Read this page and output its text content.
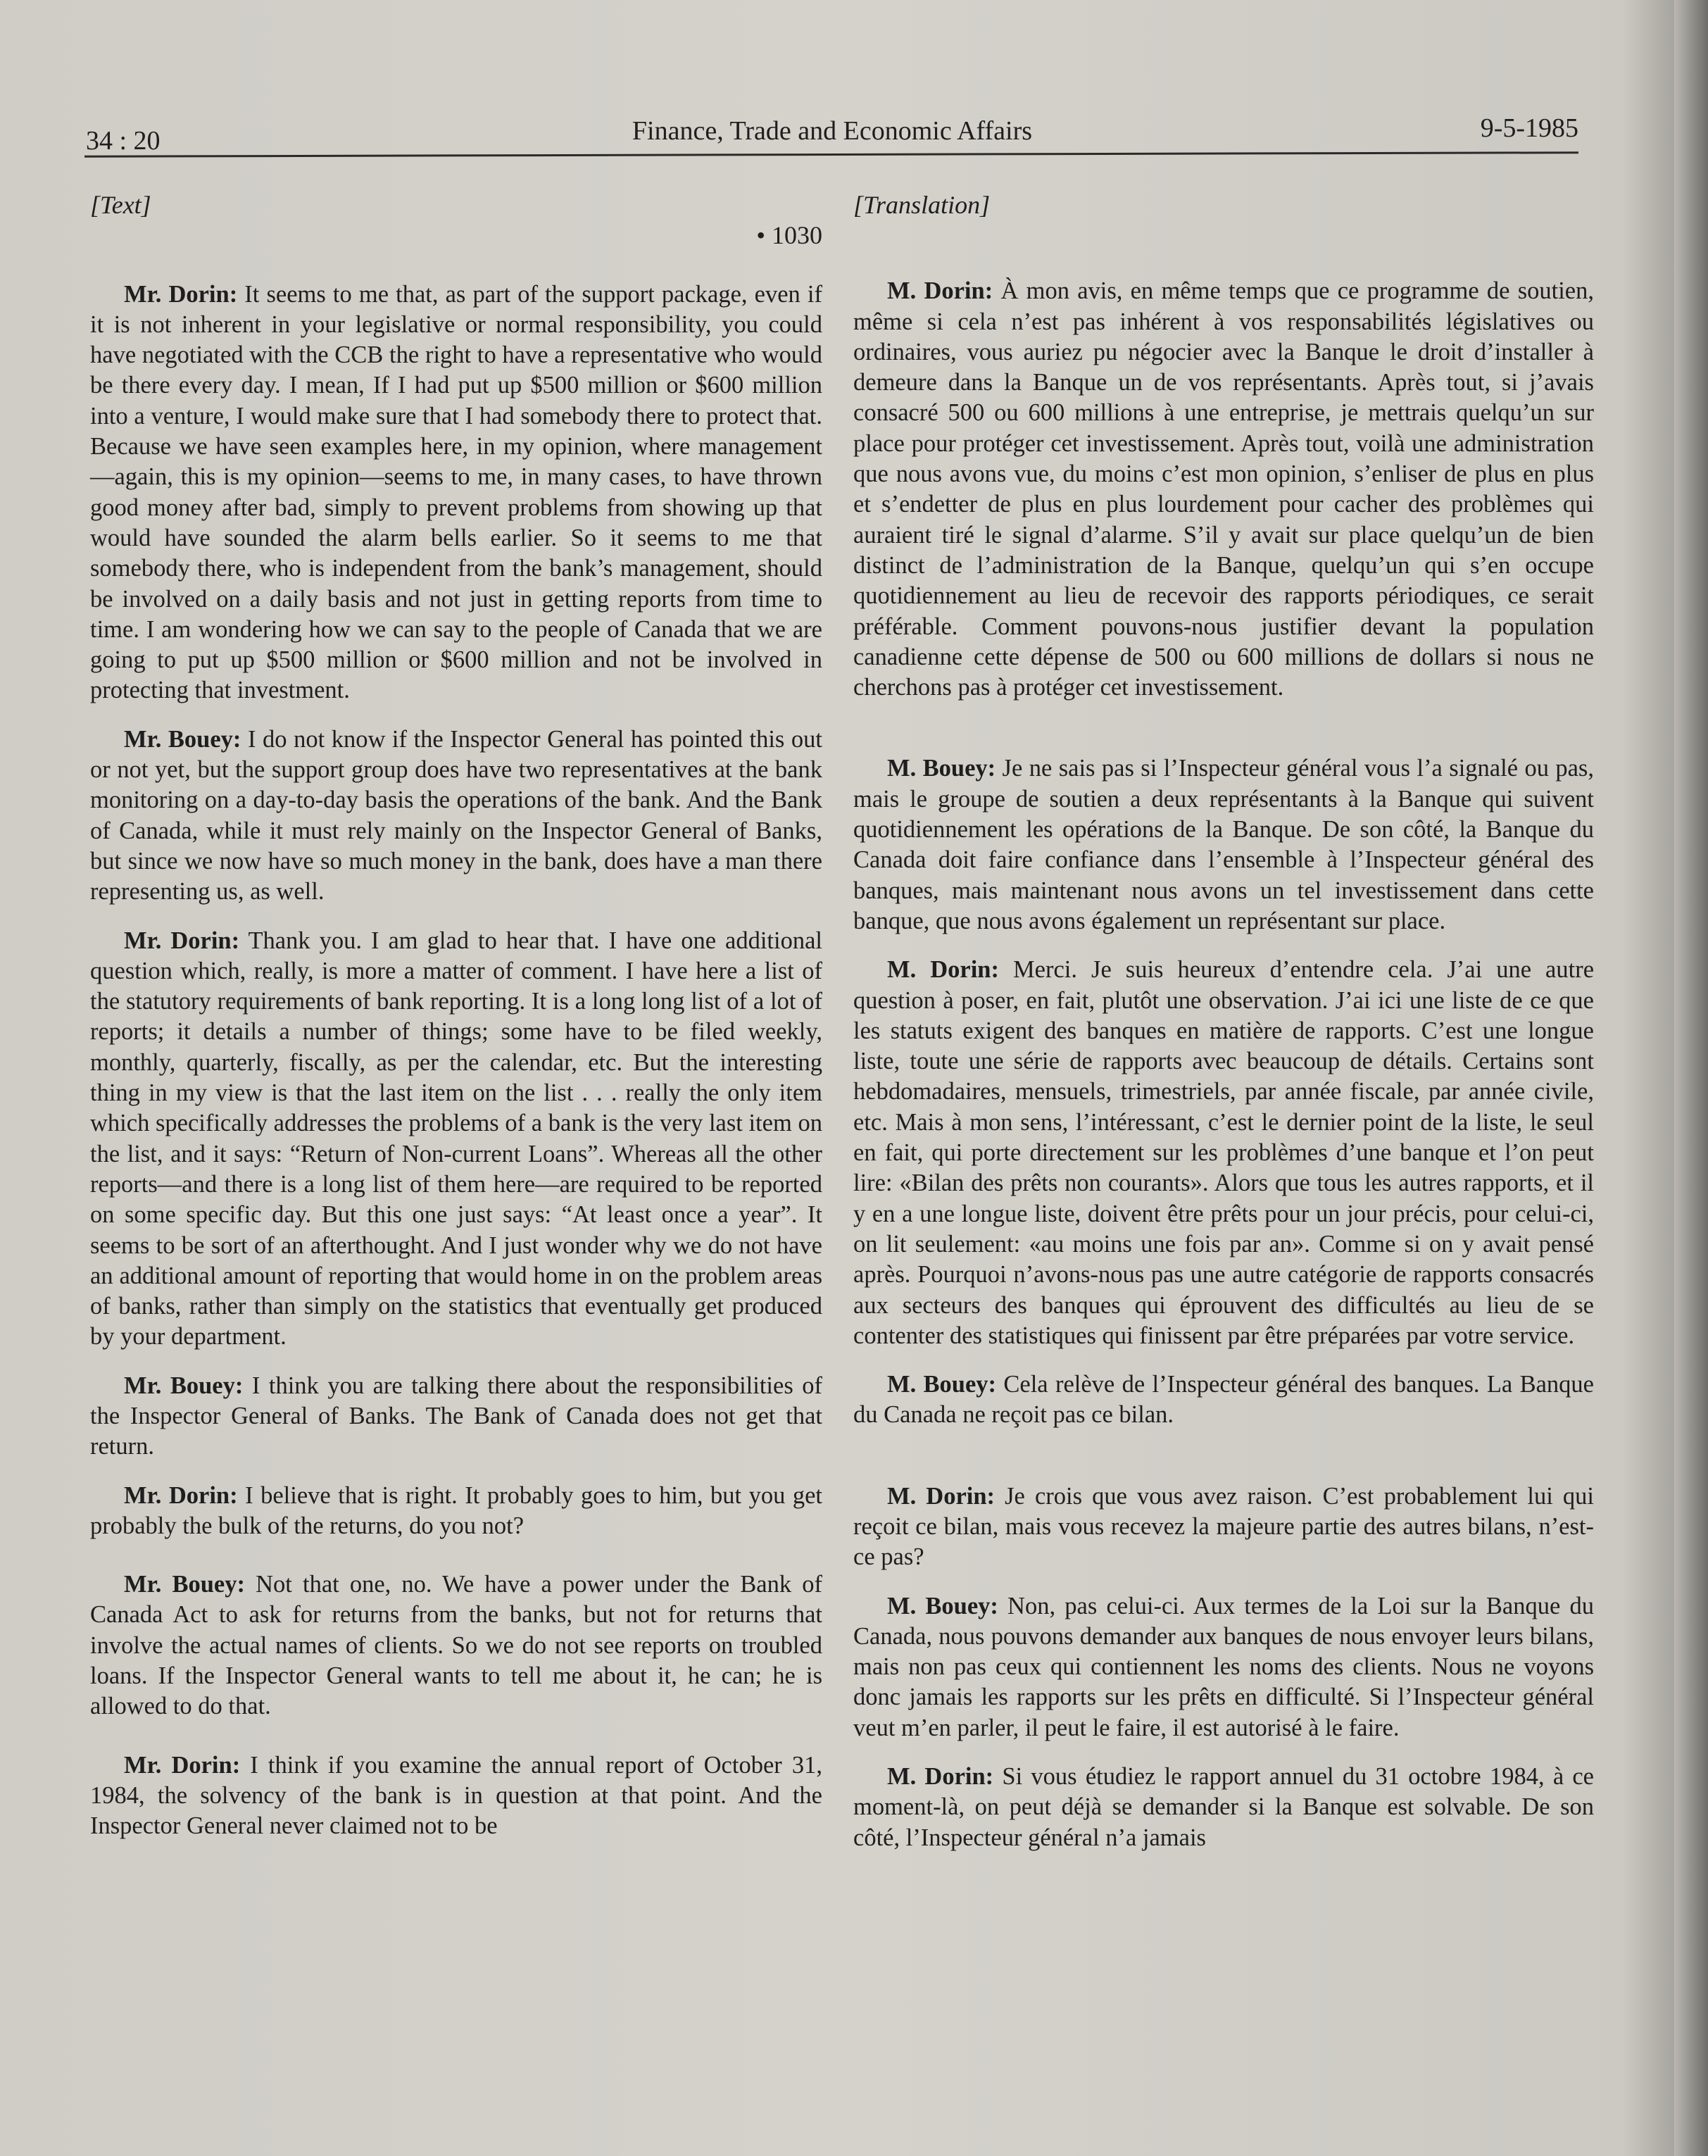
34 : 20	Finance, Trade and Economic Affairs	9-5-1985

[Text]

• 1030

Mr. Dorin: It seems to me that, as part of the support package, even if it is not inherent in your legislative or normal responsibility, you could have negotiated with the CCB the right to have a representative who would be there every day. I mean, If I had put up $500 million or $600 million into a venture, I would make sure that I had somebody there to protect that. Because we have seen examples here, in my opinion, where management—again, this is my opinion—seems to me, in many cases, to have thrown good money after bad, simply to prevent problems from showing up that would have sounded the alarm bells earlier. So it seems to me that somebody there, who is independent from the bank’s management, should be involved on a daily basis and not just in getting reports from time to time. I am wondering how we can say to the people of Canada that we are going to put up $500 million or $600 million and not be involved in protecting that investment.

Mr. Bouey: I do not know if the Inspector General has pointed this out or not yet, but the support group does have two representatives at the bank monitoring on a day-to-day basis the operations of the bank. And the Bank of Canada, while it must rely mainly on the Inspector General of Banks, but since we now have so much money in the bank, does have a man there representing us, as well.

Mr. Dorin: Thank you. I am glad to hear that. I have one additional question which, really, is more a matter of comment. I have here a list of the statutory requirements of bank reporting. It is a long long list of a lot of reports; it details a number of things; some have to be filed weekly, monthly, quarterly, fiscally, as per the calendar, etc. But the interesting thing in my view is that the last item on the list . . . really the only item which specifically addresses the problems of a bank is the very last item on the list, and it says: “Return of Non-current Loans”. Whereas all the other reports—and there is a long list of them here—are required to be reported on some specific day. But this one just says: “At least once a year”. It seems to be sort of an afterthought. And I just wonder why we do not have an additional amount of reporting that would home in on the problem areas of banks, rather than simply on the statistics that eventually get produced by your department.

Mr. Bouey: I think you are talking there about the responsibilities of the Inspector General of Banks. The Bank of Canada does not get that return.

Mr. Dorin: I believe that is right. It probably goes to him, but you get probably the bulk of the returns, do you not?

Mr. Bouey: Not that one, no. We have a power under the Bank of Canada Act to ask for returns from the banks, but not for returns that involve the actual names of clients. So we do not see reports on troubled loans. If the Inspector General wants to tell me about it, he can; he is allowed to do that.

Mr. Dorin: I think if you examine the annual report of October 31, 1984, the solvency of the bank is in question at that point. And the Inspector General never claimed not to be

[Translation]

M. Dorin: À mon avis, en même temps que ce programme de soutien, même si cela n’est pas inhérent à vos responsabilités législatives ou ordinaires, vous auriez pu négocier avec la Banque le droit d’installer à demeure dans la Banque un de vos représentants. Après tout, si j’avais consacré 500 ou 600 millions à une entreprise, je mettrais quelqu’un sur place pour protéger cet investissement. Après tout, voilà une administration que nous avons vue, du moins c’est mon opinion, s’enliser de plus en plus et s’endetter de plus en plus lourdement pour cacher des problèmes qui auraient tiré le signal d’alarme. S’il y avait sur place quelqu’un de bien distinct de l’administration de la Banque, quelqu’un qui s’en occupe quotidiennement au lieu de recevoir des rapports périodiques, ce serait préférable. Comment pouvons-nous justifier devant la population canadienne cette dépense de 500 ou 600 millions de dollars si nous ne cherchons pas à protéger cet investissement.

M. Bouey: Je ne sais pas si l’Inspecteur général vous l’a signalé ou pas, mais le groupe de soutien a deux représentants à la Banque qui suivent quotidiennement les opérations de la Banque. De son côté, la Banque du Canada doit faire confiance dans l’ensemble à l’Inspecteur général des banques, mais maintenant nous avons un tel investissement dans cette banque, que nous avons également un représentant sur place.

M. Dorin: Merci. Je suis heureux d’entendre cela. J’ai une autre question à poser, en fait, plutôt une observation. J’ai ici une liste de ce que les statuts exigent des banques en matière de rapports. C’est une longue liste, toute une série de rapports avec beaucoup de détails. Certains sont hebdomadaires, mensuels, trimestriels, par année fiscale, par année civile, etc. Mais à mon sens, l’intéressant, c’est le dernier point de la liste, le seul en fait, qui porte directement sur les problèmes d’une banque et l’on peut lire: «Bilan des prêts non courants». Alors que tous les autres rapports, et il y en a une longue liste, doivent être prêts pour un jour précis, pour celui-ci, on lit seulement: «au moins une fois par an». Comme si on y avait pensé après. Pourquoi n’avons-nous pas une autre catégorie de rapports consacrés aux secteurs des banques qui éprouvent des difficultés au lieu de se contenter des statistiques qui finissent par être préparées par votre service.

M. Bouey: Cela relève de l’Inspecteur général des banques. La Banque du Canada ne reçoit pas ce bilan.

M. Dorin: Je crois que vous avez raison. C’est probablement lui qui reçoit ce bilan, mais vous recevez la majeure partie des autres bilans, n’est-ce pas?

M. Bouey: Non, pas celui-ci. Aux termes de la Loi sur la Banque du Canada, nous pouvons demander aux banques de nous envoyer leurs bilans, mais non pas ceux qui contiennent les noms des clients. Nous ne voyons donc jamais les rapports sur les prêts en difficulté. Si l’Inspecteur général veut m’en parler, il peut le faire, il est autorisé à le faire.

M. Dorin: Si vous étudiez le rapport annuel du 31 octobre 1984, à ce moment-là, on peut déjà se demander si la Banque est solvable. De son côté, l’Inspecteur général n’a jamais
